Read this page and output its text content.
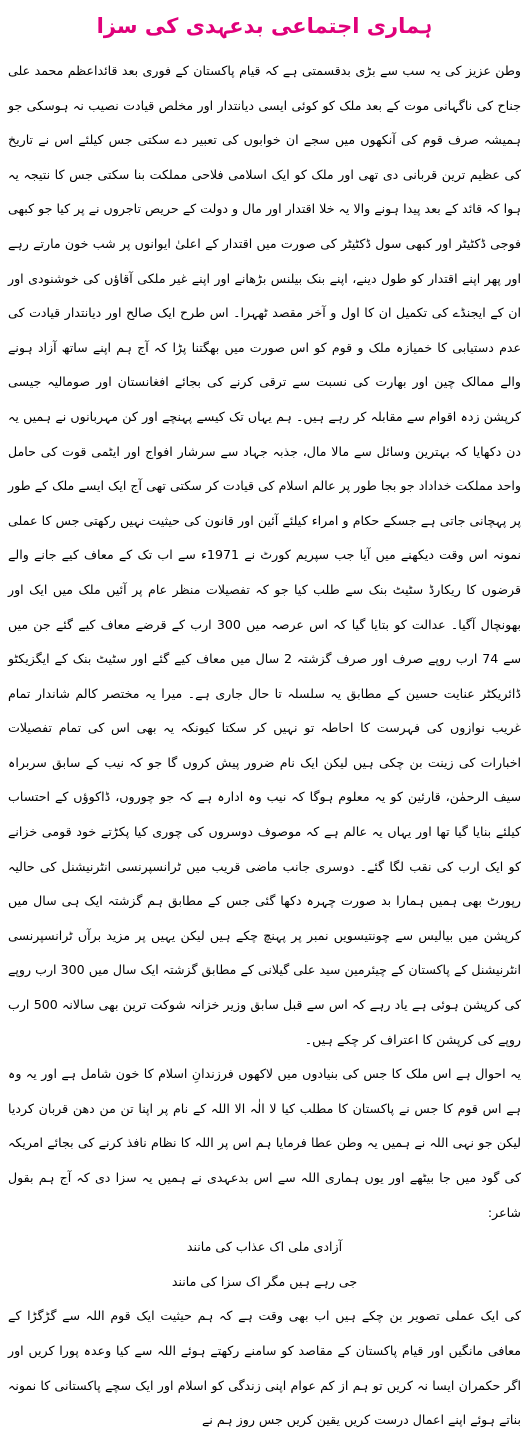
ہماری اجتماعی بدعہدی کی سزا

وطن عزیز کی یہ سب سے بڑی بدقسمتی ہے کہ قیام پاکستان کے فوری بعد قائداعظم محمد علی جناح کی ناگہانی موت کے بعد ملک کو کوئی ایسی دیانتدار اور مخلص قیادت نصیب نہ ہوسکی جو ہمیشہ صرف قوم کی آنکھوں میں سجے ان خوابوں کی تعبیر دے سکتی جس کیلئے اس نے تاریخ کی عظیم ترین قربانی دی تھی اور ملک کو ایک اسلامی فلاحی مملکت بنا سکتی جس کا نتیجہ یہ ہوا کہ قائد کے بعد پیدا ہونے والا یہ خلا اقتدار اور مال و دولت کے حریص تاجروں نے پر کیا جو کبھی فوجی ڈکٹیٹر اور کبھی سول ڈکٹیٹر کی صورت میں اقتدار کے اعلیٰ ایوانوں پر شب خون مارتے رہے اور پھر اپنے اقتدار کو طول دینے، اپنے بنک بیلنس بڑھانے اور اپنے غیر ملکی آقاؤں کی خوشنودی اور ان کے ایجنڈے کی تکمیل ان کا اول و آخر مقصد ٹھہرا۔ اس طرح ایک صالح اور دیانتدار قیادت کی عدم دستیابی کا خمیازہ ملک و قوم کو اس صورت میں بھگتنا پڑا کہ آج ہم اپنے ساتھ آزاد ہونے والے ممالک چین اور بھارت کی نسبت سے ترقی کرنے کی بجائے افغانستان اور صومالیہ جیسی کرپشن زدہ اقوام سے مقابلہ کر رہے ہیں۔ ہم یہاں تک کیسے پہنچے اور کن مہربانوں نے ہمیں یہ دن دکھایا کہ بہترین وسائل سے مالا مال، جذبہ جہاد سے سرشار افواج اور ایٹمی قوت کی حامل واحد مملکت خداداد جو بجا طور پر عالم اسلام کی قیادت کر سکتی تھی آج ایک ایسے ملک کے طور پر پہچانی جاتی ہے جسکے حکام و امراء کیلئے آئین اور قانون کی حیثیت نہیں رکھتی جس کا عملی نمونہ اس وقت دیکھنے میں آیا جب سپریم کورٹ نے 1971ء سے اب تک کے معاف کیے جانے والے قرضوں کا ریکارڈ سٹیٹ بنک سے طلب کیا جو کہ تفصیلات منظر عام پر آئیں ملک میں ایک اور بھونچال آگیا۔ عدالت کو بتایا گیا کہ اس عرصہ میں 300 ارب کے قرضے معاف کیے گئے جن میں سے 74 ارب روپے صرف اور صرف گزشتہ 2 سال میں معاف کیے گئے اور سٹیٹ بنک کے ایگزیکٹو ڈائریکٹر عنایت حسین کے مطابق یہ سلسلہ تا حال جاری ہے۔ میرا یہ مختصر کالم شاندار تمام غریب نوازوں کی فہرست کا احاطہ تو نہیں کر سکتا کیونکہ یہ بھی اس کی تمام تفصیلات اخبارات کی زینت بن چکی ہیں لیکن ایک نام ضرور پیش کروں گا جو کہ نیب کے سابق سربراہ سیف الرحمٰن، قارئین کو یہ معلوم ہوگا کہ نیب وہ ادارہ ہے کہ جو چوروں، ڈاکوؤں کے احتساب کیلئے بنایا گیا تھا اور یہاں یہ عالم ہے کہ موصوف دوسروں کی چوری کیا پکڑتے خود قومی خزانے کو ایک ارب کی نقب لگا گئے۔ دوسری جانب ماضی قریب میں ٹرانسپرنسی انٹرنیشنل کی حالیہ رپورٹ بھی ہمیں ہمارا بد صورت چہرہ دکھا گئی جس کے مطابق ہم گزشتہ ایک ہی سال میں کرپشن میں بیالیس سے چونتیسویں نمبر پر پہنچ چکے ہیں لیکن یہیں پر مزید برآں ٹرانسپرنسی انٹرنیشنل کے پاکستان کے چیئرمین سید علی گیلانی کے مطابق گزشتہ ایک سال میں 300 ارب روپے کی کرپشن ہوئی ہے یاد رہے کہ اس سے قبل سابق وزیر خزانہ شوکت ترین بھی سالانہ 500 ارب روپے کی کرپشن کا اعتراف کر چکے ہیں۔

یہ احوال ہے اس ملک کا جس کی بنیادوں میں لاکھوں فرزندانِ اسلام کا خون شامل ہے اور یہ وہ ہے اس قوم کا جس نے پاکستان کا مطلب کیا لا الٰہ الا اللہ کے نام پر اپنا تن من دھن قربان کردیا لیکن جو نہی اللہ نے ہمیں یہ وطن عطا فرمایا ہم اس پر اللہ کا نظام نافذ کرنے کی بجائے امریکہ کی گود میں جا بیٹھے اور یوں ہماری اللہ سے اس بدعہدی نے ہمیں یہ سزا دی کہ آج ہم بقول شاعر:

آزادی ملی اک عذاب کی مانند
جی رہے ہیں مگر اک سزا کی مانند

کی ایک عملی تصویر بن چکے ہیں اب بھی وقت ہے کہ ہم حیثیت ایک قوم اللہ سے گڑگڑا کے معافی مانگیں اور قیام پاکستان کے مقاصد کو سامنے رکھتے ہوئے اللہ سے کیا وعدہ پورا کریں اور اگر حکمران ایسا نہ کریں تو ہم از کم عوام اپنی زندگی کو اسلام اور ایک سچے پاکستانی کا نمونہ بناتے ہوئے اپنے اعمال درست کریں یقین کریں جس روز ہم نے
